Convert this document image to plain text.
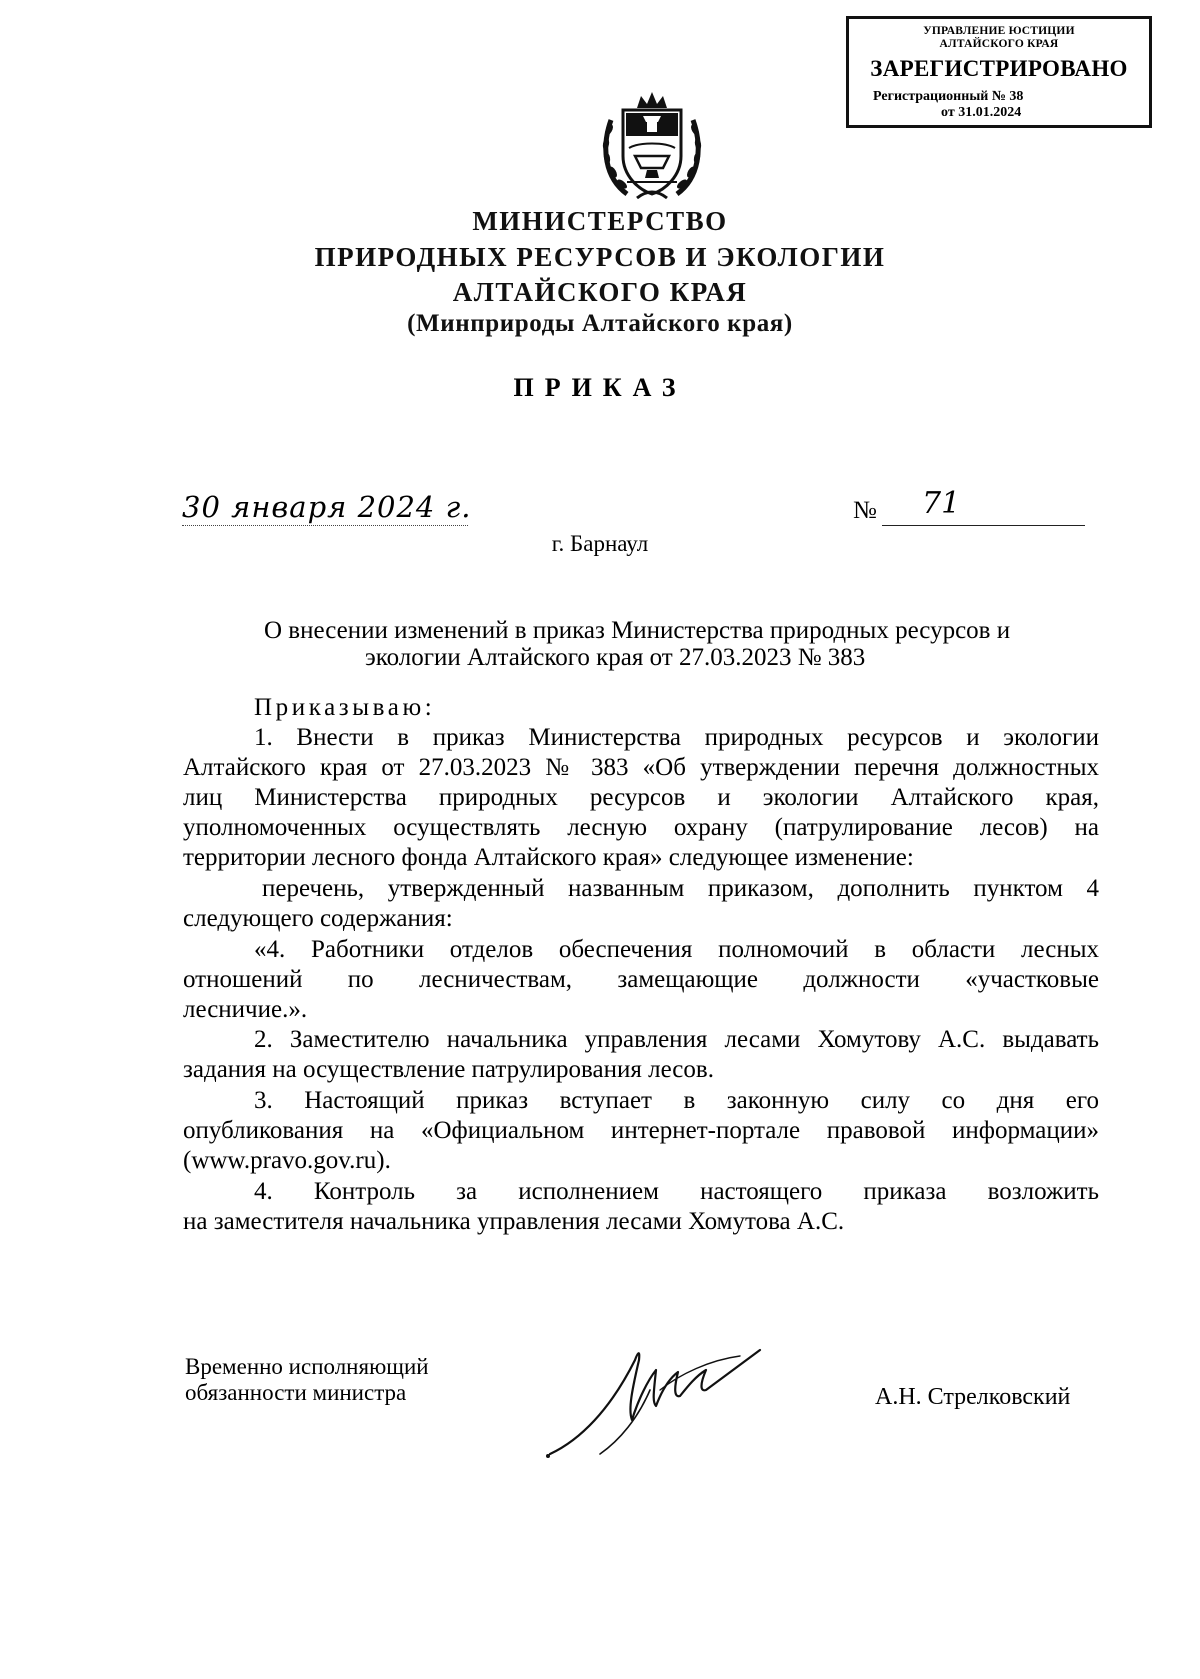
УПРАВЛЕНИЕ ЮСТИЦИИ
АЛТАЙСКОГО КРАЯ
ЗАРЕГИСТРИРОВАНО
Регистрационный № 38
от 31.01.2024
МИНИСТЕРСТВО
ПРИРОДНЫХ РЕСУРСОВ И ЭКОЛОГИИ
АЛТАЙСКОГО КРАЯ
(Минприроды Алтайского края)
ПРИКАЗ
30 января 2024 г.	№ 71
г. Барнаул
О внесении изменений в приказ Министерства природных ресурсов и
экологии Алтайского края от 27.03.2023 № 383
Приказываю:
1. Внести в приказ Министерства природных ресурсов и экологии
Алтайского края от 27.03.2023 № 383 «Об утверждении перечня должностных
лиц Министерства природных ресурсов и экологии Алтайского края,
уполномоченных осуществлять лесную охрану (патрулирование лесов) на
территории лесного фонда Алтайского края» следующее изменение:
перечень, утвержденный названным приказом, дополнить пунктом 4
следующего содержания:
«4. Работники отделов обеспечения полномочий в области лесных
отношений по лесничествам, замещающие должности «участковые
лесничие.».
2. Заместителю начальника управления лесами Хомутову А.С. выдавать
задания на осуществление патрулирования лесов.
3. Настоящий приказ вступает в законную силу со дня его
опубликования на «Официальном интернет-портале правовой информации»
(www.pravo.gov.ru).
4. Контроль за исполнением настоящего приказа возложить
на заместителя начальника управления лесами Хомутова А.С.
Временно исполняющий
обязанности министра	А.Н. Стрелковский
